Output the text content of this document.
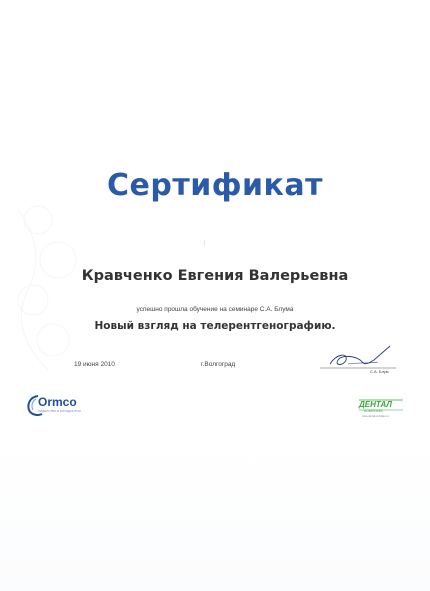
Сертификат
Кравченко Евгения Валерьевна
успешно прошла обучение на семинаре С.А. Блума
Новый взгляд на телерентгенографию.
19 июня 2010	г.Волгоград
С.А. Блум
Ormco
ЛИДЕРСТВО В ОРТОДОНТИИ
ДЕНТАЛ
КОМПЛЕКС
www.dental-complex.ru
